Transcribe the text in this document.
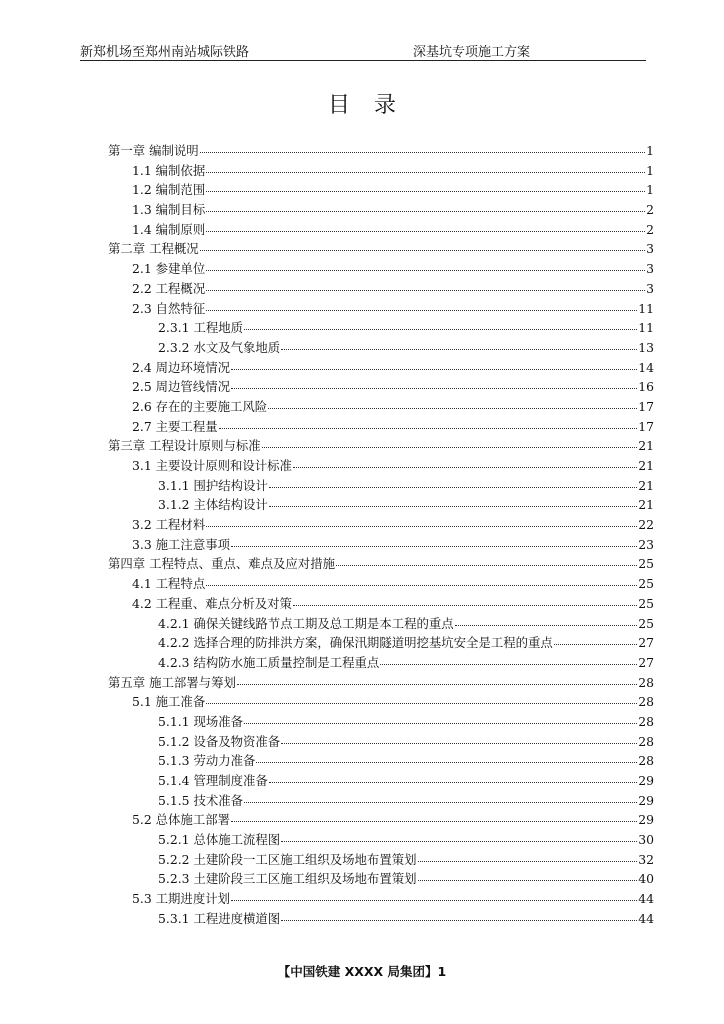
新郑机场至郑州南站城际铁路	深基坑专项施工方案
目录
第一章 编制说明	1
1.1 编制依据	1
1.2 编制范围	1
1.3 编制目标	2
1.4 编制原则	2
第二章 工程概况	3
2.1 参建单位	3
2.2 工程概况	3
2.3 自然特征	11
2.3.1 工程地质	11
2.3.2 水文及气象地质	13
2.4 周边环境情况	14
2.5 周边管线情况	16
2.6 存在的主要施工风险	17
2.7 主要工程量	17
第三章 工程设计原则与标准	21
3.1 主要设计原则和设计标准	21
3.1.1 围护结构设计	21
3.1.2 主体结构设计	21
3.2 工程材料	22
3.3 施工注意事项	23
第四章 工程特点、重点、难点及应对措施	25
4.1 工程特点	25
4.2 工程重、难点分析及对策	25
4.2.1 确保关键线路节点工期及总工期是本工程的重点	25
4.2.2 选择合理的防排洪方案，确保汛期隧道明挖基坑安全是工程的重点	27
4.2.3 结构防水施工质量控制是工程重点	27
第五章 施工部署与筹划	28
5.1 施工准备	28
5.1.1 现场准备	28
5.1.2 设备及物资准备	28
5.1.3 劳动力准备	28
5.1.4 管理制度准备	29
5.1.5 技术准备	29
5.2 总体施工部署	29
5.2.1 总体施工流程图	30
5.2.2 土建阶段一工区施工组织及场地布置策划	32
5.2.3 土建阶段三工区施工组织及场地布置策划	40
5.3 工期进度计划	44
5.3.1 工程进度横道图	44
【中国铁建 XXXX 局集团】1
